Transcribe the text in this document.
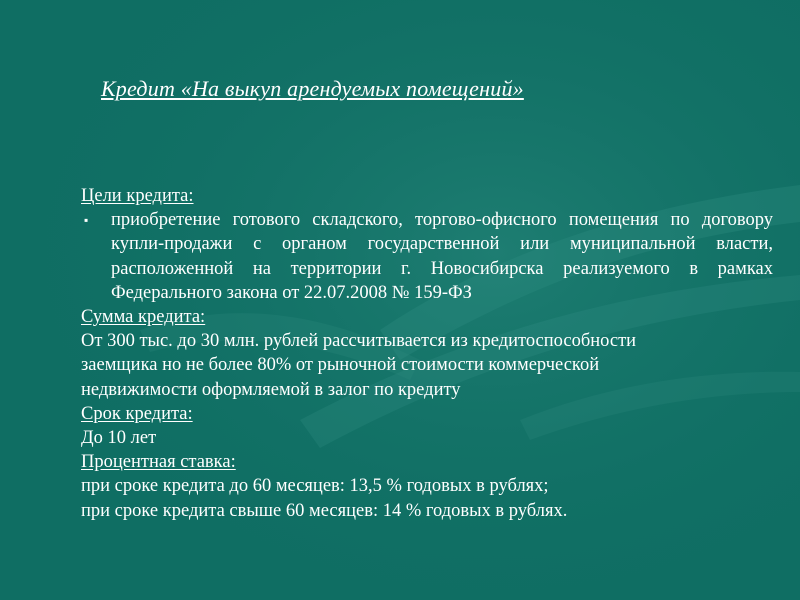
Кредит «На выкуп арендуемых помещений»
Цели кредита:
▪	приобретение готового складского, торгово-офисного помещения по договору купли-продажи с органом государственной или муниципальной власти, расположенной на территории г. Новосибирска реализуемого в рамках Федерального закона от 22.07.2008 № 159-ФЗ
Сумма кредита:
От 300 тыс. до 30 млн. рублей рассчитывается из кредитоспособности
заемщика но не более 80% от рыночной стоимости коммерческой
недвижимости оформляемой в залог по кредиту
Срок кредита:
До 10 лет
Процентная ставка:
при сроке кредита до 60 месяцев: 13,5 % годовых в рублях;
при сроке кредита свыше 60 месяцев: 14 % годовых в рублях.
